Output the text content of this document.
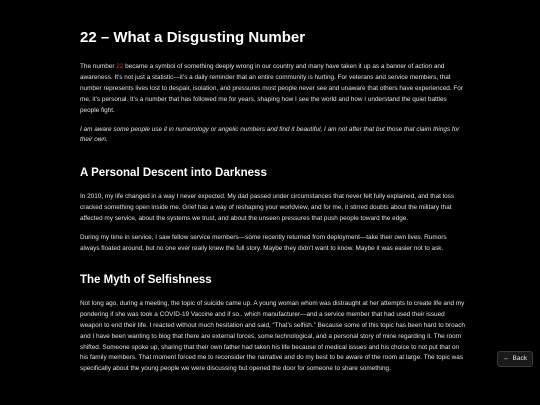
22 – What a Disgusting Number

The number 22 became a symbol of something deeply wrong in our country and many have taken it up as a banner of action and awareness. It’s not just a statistic—it’s a daily reminder that an entire community is hurting. For veterans and service members, that number represents lives lost to despair, isolation, and pressures most people never see and unaware that others have experienced. For me, it’s personal. It’s a number that has followed me for years, shaping how I see the world and how I understand the quiet battles people fight.

I am aware some people use it in numerology or angelic numbers and find it beautiful, I am not after that but those that claim things for their own.

A Personal Descent into Darkness

In 2010, my life changed in a way I never expected. My dad passed under circumstances that never felt fully explained, and that loss cracked something open inside me. Grief has a way of reshaping your worldview, and for me, it stirred doubts about the military that affected my service, about the systems we trust, and about the unseen pressures that push people toward the edge.

During my time in service, I saw fellow service members—some recently returned from deployment—take their own lives. Rumors always floated around, but no one ever really knew the full story. Maybe they didn’t want to know. Maybe it was easier not to ask.

The Myth of Selfishness

Not long ago, during a meeting, the topic of suicide came up. A young woman whom was distraught at her attempts to create life and my pondering if she was took a COVID-19 Vaccine and if so.. which manufacturer—and a service member that had used their issued weapon to end their life. I reacted without much hesitation and said, “That’s selfish.” Because some of this topic has been hard to broach and I have been wanting to blog that there are external forces, some technological, and a personal story of mine regarding it. The room shifted. Someone spoke up, sharing that their own father had taken his life because of medical issues and his choice to not put that on his family members. That moment forced me to reconsider the narrative and do my best to be aware of the room at large. The topic was specifically about the young people we were discussing but opened the door for someone to share something.

← Back
